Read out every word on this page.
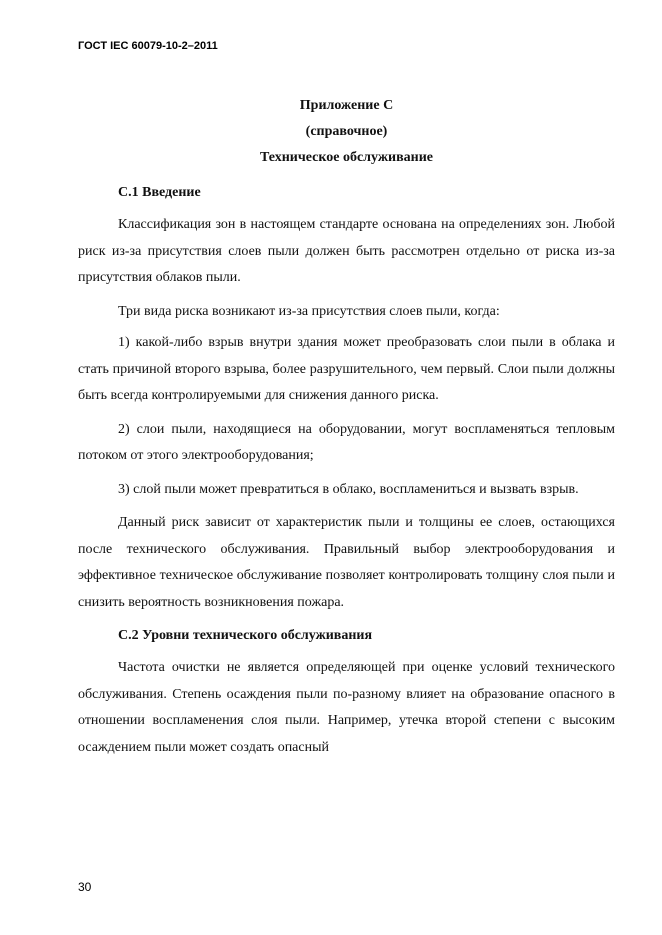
ГОСТ IEC 60079-10-2–2011
Приложение С
(справочное)
Техническое обслуживание
С.1 Введение

Классификация зон в настоящем стандарте основана на определениях зон. Любой риск из-за присутствия слоев пыли должен быть рассмотрен отдельно от риска из-за присутствия облаков пыли.

Три вида риска возникают из-за присутствия слоев пыли, когда:

1) какой-либо взрыв внутри здания может преобразовать слои пыли в облака и стать причиной второго взрыва, более разрушительного, чем первый. Слои пыли должны быть всегда контролируемыми для снижения данного риска.

2) слои пыли, находящиеся на оборудовании, могут воспламеняться тепловым потоком от этого электрооборудования;

3) слой пыли может превратиться в облако, воспламениться и вызвать взрыв.

Данный риск зависит от характеристик пыли и толщины ее слоев, остающихся после технического обслуживания. Правильный выбор электрооборудования и эффективное техническое обслуживание позволяет контролировать толщину слоя пыли и снизить вероятность возникновения пожара.

С.2 Уровни технического обслуживания

Частота очистки не является определяющей при оценке условий технического обслуживания. Степень осаждения пыли по-разному влияет на образование опасного в отношении воспламенения слоя пыли. Например, утечка второй степени с высоким осаждением пыли может создать опасный

30
